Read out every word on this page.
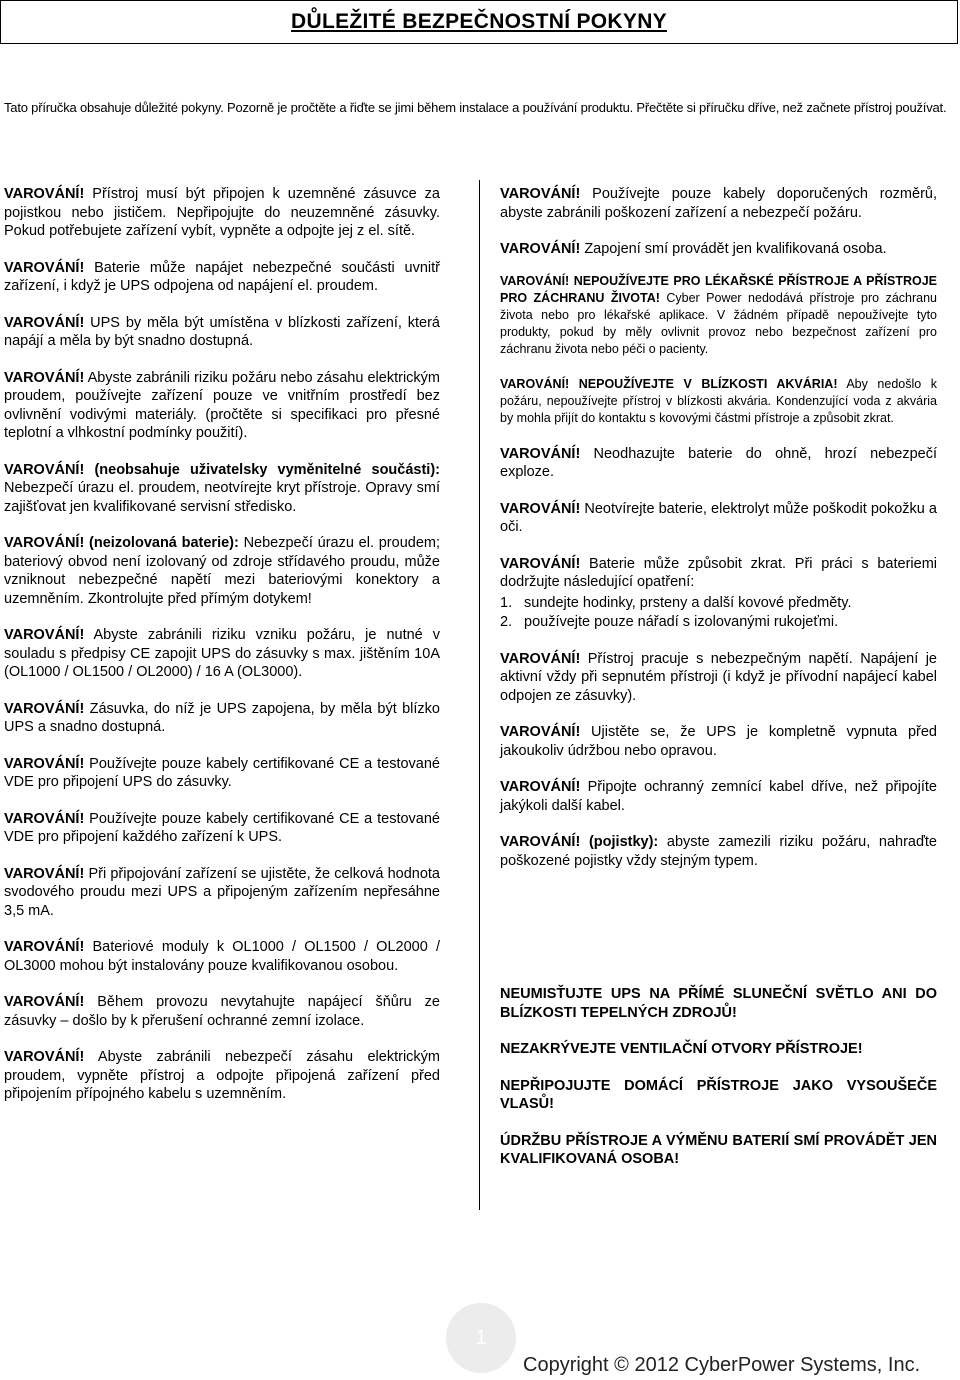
DŮLEŽITÉ BEZPEČNOSTNÍ POKYNY
Tato příručka obsahuje důležité pokyny. Pozorně je pročtěte a řiďte se jimi během instalace a používání produktu. Přečtěte si příručku dříve, než začnete přístroj používat.

VAROVÁNÍ! Přístroj musí být připojen k uzemněné zásuvce za pojistkou nebo jističem. Nepřipojujte do neuzemněné zásuvky. Pokud potřebujete zařízení vybít, vypněte a odpojte jej z el. sítě.

VAROVÁNÍ! Baterie může napájet nebezpečné součásti uvnitř zařízení, i když je UPS odpojena od napájení el. proudem.

VAROVÁNÍ! UPS by měla být umístěna v blízkosti zařízení, která napájí a měla by být snadno dostupná.

VAROVÁNÍ! Abyste zabránili riziku požáru nebo zásahu elektrickým proudem, používejte zařízení pouze ve vnitřním prostředí bez ovlivnění vodivými materiály. (pročtěte si specifikaci pro přesné teplotní a vlhkostní podmínky použití).

VAROVÁNÍ! (neobsahuje uživatelsky vyměnitelné součásti): Nebezpečí úrazu el. proudem, neotvírejte kryt přístroje. Opravy smí zajišťovat jen kvalifikované servisní středisko.

VAROVÁNÍ! (neizolovaná baterie): Nebezpečí úrazu el. proudem; bateriový obvod není izolovaný od zdroje střídavého proudu, může vzniknout nebezpečné napětí mezi bateriovými konektory a uzemněním. Zkontrolujte před přímým dotykem!

VAROVÁNÍ! Abyste zabránili riziku vzniku požáru, je nutné v souladu s předpisy CE zapojit UPS do zásuvky s max. jištěním 10A (OL1000 / OL1500 / OL2000) / 16 A (OL3000).

VAROVÁNÍ! Zásuvka, do níž je UPS zapojena, by měla být blízko UPS a snadno dostupná.

VAROVÁNÍ! Používejte pouze kabely certifikované CE a testované VDE pro připojení UPS do zásuvky.

VAROVÁNÍ! Používejte pouze kabely certifikované CE a testované VDE pro připojení každého zařízení k UPS.

VAROVÁNÍ! Při připojování zařízení se ujistěte, že celková hodnota svodového proudu mezi UPS a připojeným zařízením nepřesáhne 3,5 mA.

VAROVÁNÍ! Bateriové moduly k OL1000 / OL1500 / OL2000 / OL3000 mohou být instalovány pouze kvalifikovanou osobou.

VAROVÁNÍ! Během provozu nevytahujte napájecí šňůru ze zásuvky – došlo by k přerušení ochranné zemní izolace.

VAROVÁNÍ! Abyste zabránili nebezpečí zásahu elektrickým proudem, vypněte přístroj a odpojte připojená zařízení před připojením přípojného kabelu s uzemněním.

VAROVÁNÍ! Používejte pouze kabely doporučených rozměrů, abyste zabránili poškození zařízení a nebezpečí požáru.

VAROVÁNÍ! Zapojení smí provádět jen kvalifikovaná osoba.

VAROVÁNÍ! NEPOUŽÍVEJTE PRO LÉKAŘSKÉ PŘÍSTROJE A PŘÍSTROJE PRO ZÁCHRANU ŽIVOTA! Cyber Power nedodává přístroje pro záchranu života nebo pro lékařské aplikace. V žádném případě nepoužívejte tyto produkty, pokud by měly ovlivnit provoz nebo bezpečnost zařízení pro záchranu života nebo péči o pacienty.

VAROVÁNÍ! NEPOUŽÍVEJTE V BLÍZKOSTI AKVÁRIA! Aby nedošlo k požáru, nepoužívejte přístroj v blízkosti akvária. Kondenzující voda z akvária by mohla přijít do kontaktu s kovovými částmi přístroje a způsobit zkrat.

VAROVÁNÍ! Neodhazujte baterie do ohně, hrozí nebezpečí exploze.

VAROVÁNÍ! Neotvírejte baterie, elektrolyt může poškodit pokožku a oči.

VAROVÁNÍ! Baterie může způsobit zkrat. Při práci s bateriemi dodržujte následující opatření:

1. sundejte hodinky, prsteny a další kovové předměty.
2. používejte pouze nářadí s izolovanými rukojeťmi.

VAROVÁNÍ! Přístroj pracuje s nebezpečným napětí. Napájení je aktivní vždy při sepnutém přístroji (i když je přívodní napájecí kabel odpojen ze zásuvky).

VAROVÁNÍ! Ujistěte se, že UPS je kompletně vypnuta před jakoukoliv údržbou nebo opravou.

VAROVÁNÍ! Připojte ochranný zemnící kabel dříve, než připojíte jakýkoli další kabel.

VAROVÁNÍ! (pojistky): abyste zamezili riziku požáru, nahraďte poškozené pojistky vždy stejným typem.

NEUMISŤUJTE UPS NA PŘÍMÉ SLUNEČNÍ SVĚTLO ANI DO BLÍZKOSTI TEPELNÝCH ZDROJŮ!

NEZAKRÝVEJTE VENTILAČNÍ OTVORY PŘÍSTROJE!

NEPŘIPOJUJTE DOMÁCÍ PŘÍSTROJE JAKO VYSOUŠEČE VLASŮ!

ÚDRŽBU PŘÍSTROJE A VÝMĚNU BATERIÍ SMÍ PROVÁDĚT JEN KVALIFIKOVANÁ OSOBA!

1
Copyright © 2012 CyberPower Systems, Inc.
